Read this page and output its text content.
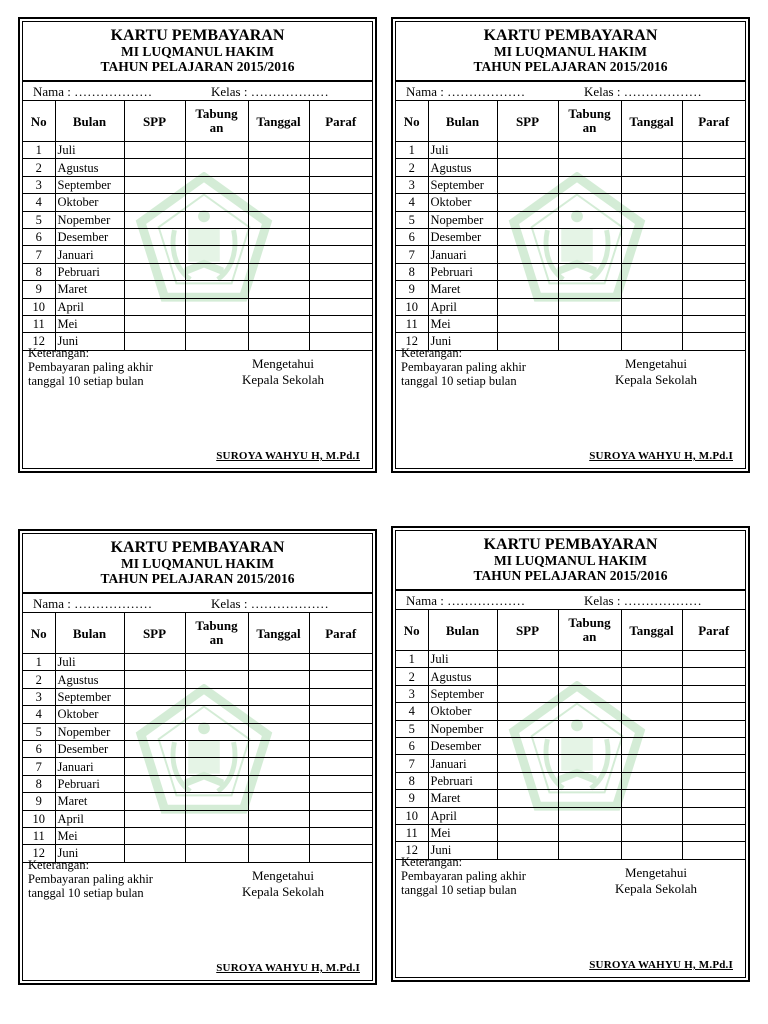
KARTU PEMBAYARAN
MI LUQMANUL HAKIM
TAHUN PELAJARAN 2015/2016
Nama : ………………	Kelas : ………………
No	Bulan	SPP	Tabung an	Tanggal	Paraf
1	Juli				
2	Agustus				
3	September				
4	Oktober				
5	Nopember				
6	Desember				
7	Januari				
8	Pebruari				
9	Maret				
10	April				
11	Mei				
12	Juni				
Keterangan:
Pembayaran paling akhir
tanggal 10 setiap bulan
Mengetahui
Kepala Sekolah
SUROYA WAHYU H, M.Pd.I
KARTU PEMBAYARAN
MI LUQMANUL HAKIM
TAHUN PELAJARAN 2015/2016
Nama : ………………	Kelas : ………………
No	Bulan	SPP	Tabung an	Tanggal	Paraf
1	Juli				
2	Agustus				
3	September				
4	Oktober				
5	Nopember				
6	Desember				
7	Januari				
8	Pebruari				
9	Maret				
10	April				
11	Mei				
12	Juni				
Keterangan:
Pembayaran paling akhir
tanggal 10 setiap bulan
Mengetahui
Kepala Sekolah
SUROYA WAHYU H, M.Pd.I
KARTU PEMBAYARAN
MI LUQMANUL HAKIM
TAHUN PELAJARAN 2015/2016
Nama : ………………	Kelas : ………………
No	Bulan	SPP	Tabung an	Tanggal	Paraf
1	Juli				
2	Agustus				
3	September				
4	Oktober				
5	Nopember				
6	Desember				
7	Januari				
8	Pebruari				
9	Maret				
10	April				
11	Mei				
12	Juni				
Keterangan:
Pembayaran paling akhir
tanggal 10 setiap bulan
Mengetahui
Kepala Sekolah
SUROYA WAHYU H, M.Pd.I
KARTU PEMBAYARAN
MI LUQMANUL HAKIM
TAHUN PELAJARAN 2015/2016
Nama : ………………	Kelas : ………………
No	Bulan	SPP	Tabung an	Tanggal	Paraf
1	Juli				
2	Agustus				
3	September				
4	Oktober				
5	Nopember				
6	Desember				
7	Januari				
8	Pebruari				
9	Maret				
10	April				
11	Mei				
12	Juni				
Keterangan:
Pembayaran paling akhir
tanggal 10 setiap bulan
Mengetahui
Kepala Sekolah
SUROYA WAHYU H, M.Pd.I
